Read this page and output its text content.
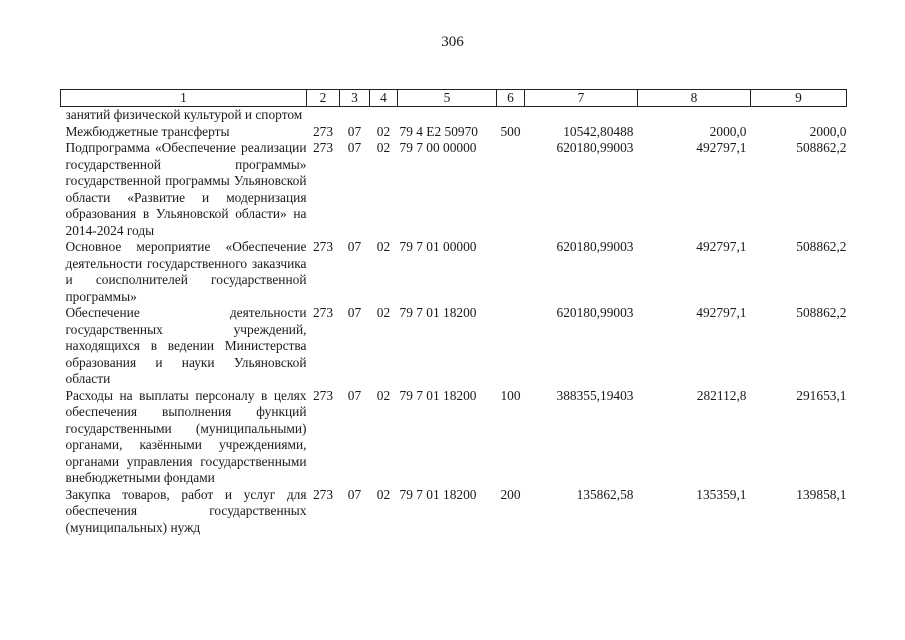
306
1	2	3	4	5	6	7	8	9
занятий физической культурой и спортом								
Межбюджетные трансферты	273	07	02	79 4 E2 50970	500	10542,80488	2000,0	2000,0
Подпрограмма «Обеспечение реализации государственной программы» государственной программы Ульяновской области «Развитие и модернизация образования в Ульяновской области» на 2014-2024 годы	273	07	02	79 7 00 00000		620180,99003	492797,1	508862,2
Основное мероприятие «Обеспечение деятельности государственного заказчика и соисполнителей государственной программы»	273	07	02	79 7 01 00000		620180,99003	492797,1	508862,2
Обеспечение деятельности государственных учреждений, находящихся в ведении Министерства образования и науки Ульяновской области	273	07	02	79 7 01 18200		620180,99003	492797,1	508862,2
Расходы на выплаты персоналу в целях обеспечения выполнения функций государственными (муниципальными) органами, казёнными учреждениями, органами управления государственными внебюджетными фондами	273	07	02	79 7 01 18200	100	388355,19403	282112,8	291653,1
Закупка товаров, работ и услуг для обеспечения государственных (муниципальных) нужд	273	07	02	79 7 01 18200	200	135862,58	135359,1	139858,1
